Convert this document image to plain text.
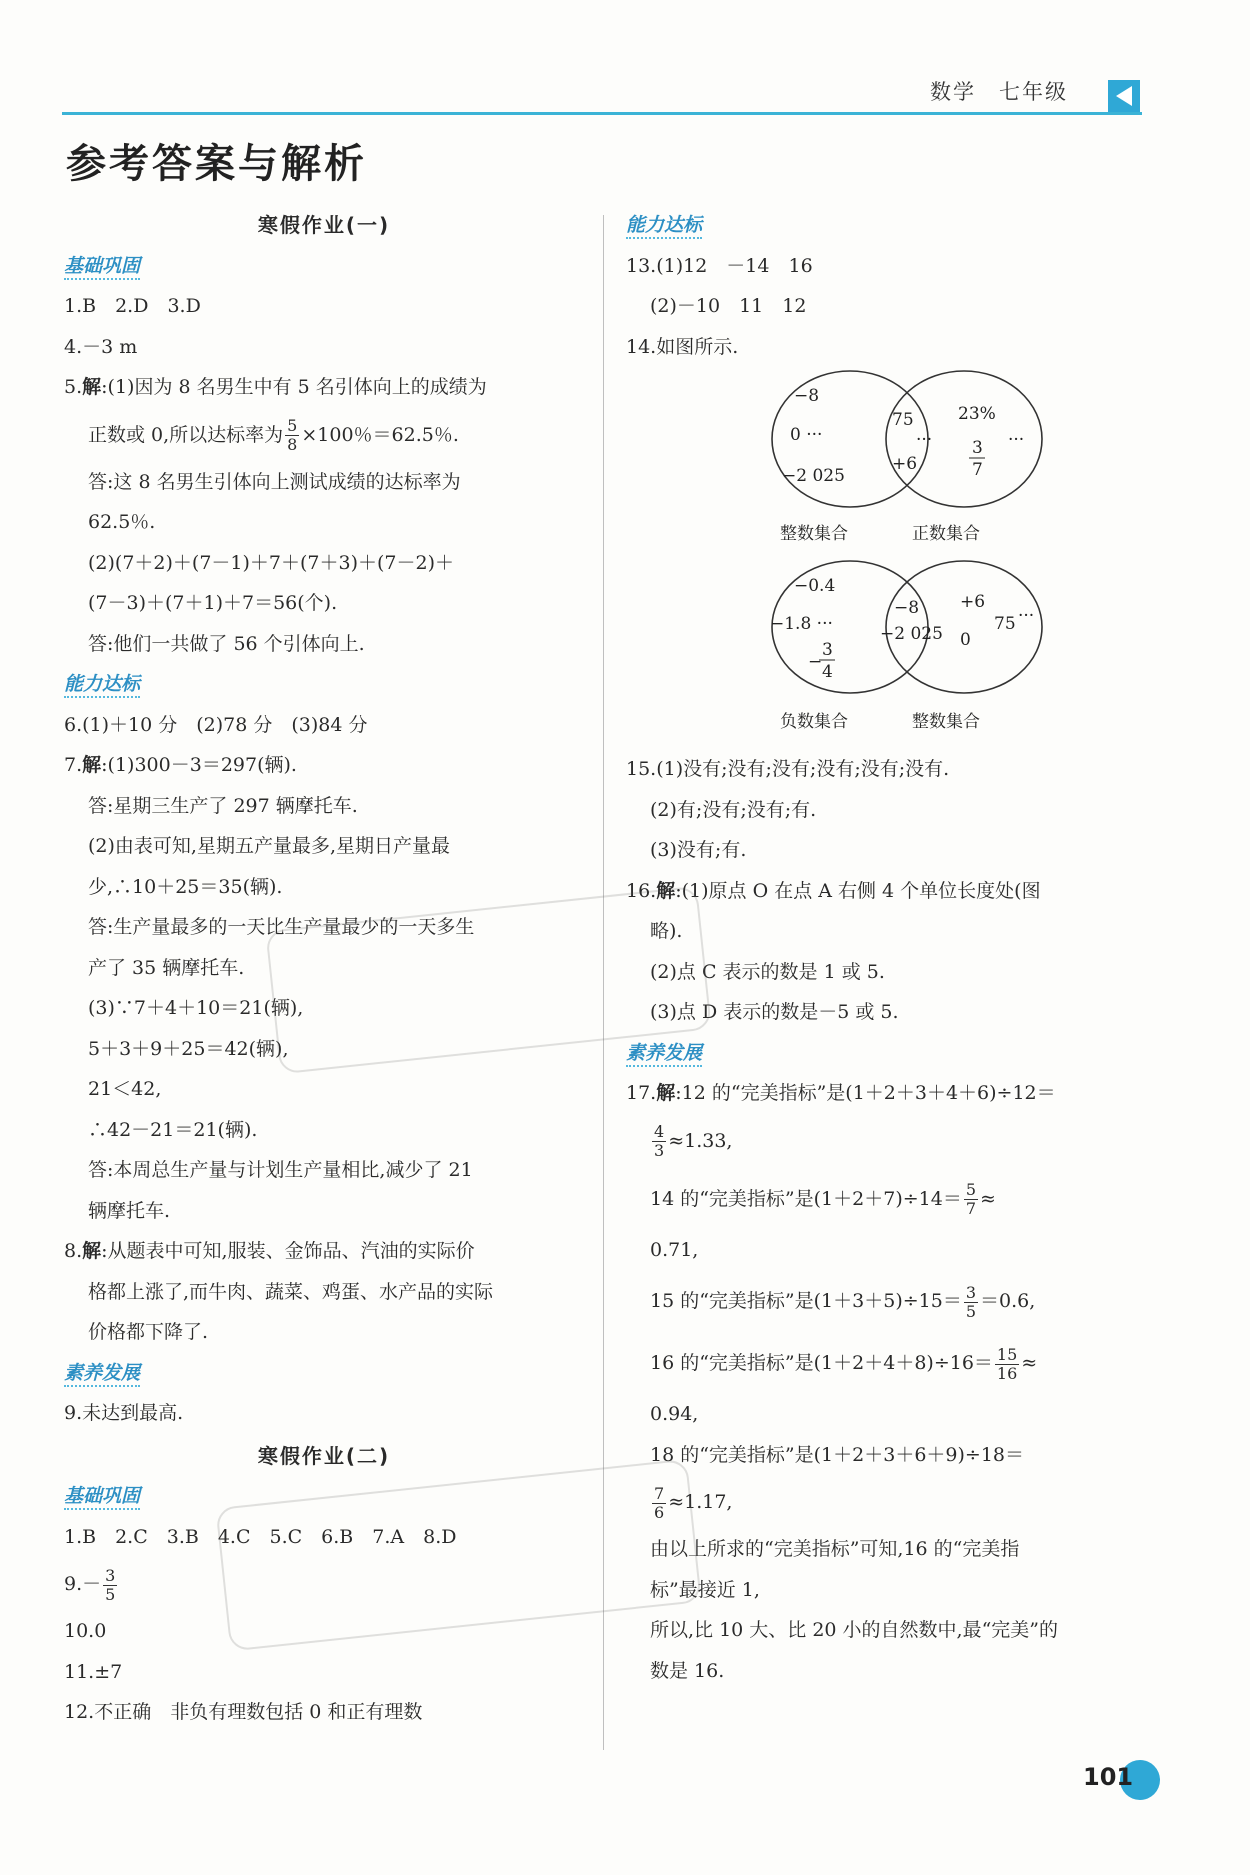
数学　 七年级
参考答案与解析
寒假作业(一)
基础巩固
1.B　2.D　3.D
4.－3 m
5.解:(1)因为 8 名男生中有 5 名引体向上的成绩为
正数或 0,所以达标率为 $\frac{5}{8} \times 100$％＝62.5％.
答:这 8 名男生引体向上测试成绩的达标率为
62.5％.
(2)(7＋2)＋(7－1)＋7＋(7＋3)＋(7－2)＋
(7－3)＋(7＋1)＋7＝56(个).
答:他们一共做了 56 个引体向上.
能力达标
6.(1)＋10 分　(2)78 分　(3)84 分
7.解:(1)300－3＝297(辆).
答:星期三生产了 297 辆摩托车.
(2)由表可知,星期五产量最多,星期日产量最
少,∴10＋25＝35(辆).
答:生产量最多的一天比生产量最少的一天多生
产了 35 辆摩托车.
(3)∵7＋4＋10＝21(辆),
5＋3＋9＋25＝42(辆),
21＜42,
∴42－21＝21(辆).
答:本周总生产量与计划生产量相比,减少了 21
辆摩托车.
8.解:从题表中可知,服装、金饰品、汽油的实际价
格都上涨了,而牛肉、蔬菜、鸡蛋、水产品的实际
价格都下降了.
素养发展
9.未达到最高.
寒假作业(二)
基础巩固
1.B　2.C　3.B　4.C　5.C　6.B　7.A　8.D
$9.- \frac{3}{5}$
10.0
11.±7
12.不正确　非负有理数包括 0 和正有理数
能力达标
13.(1)12　－14　16
(2)－10　11　12
14.如图所示.
−8
0 ···
−2 025
75
···
+6
23%
···
3
7
整数集合	正数集合
−0.4
−1.8 ···
−
3
4
−8
−2 025
+6
0
75 ···
负数集合	整数集合
15.(1)没有;没有;没有;没有;没有;没有.
(2)有;没有;没有;有.
(3)没有;有.
16.解:(1)原点 O 在点 A 右侧 4 个单位长度处(图
略).
(2)点 C 表示的数是 1 或 5.
(3)点 D 表示的数是－5 或 5.
素养发展
17.解:12 的“完美指标”是(1＋2＋3＋4＋6)÷12＝
$\frac{4}{3} \approx 1.33$,
14 的“完美指标”是$(1+2+7)\div 14= \frac{5}{7}$ ≈
0.71,
15 的“完美指标”是$(1+3+5)\div 15= \frac{3}{5} =0.6$,
16 的“完美指标”是$(1+2+4+8)\div 16= \frac{15}{16}$ ≈
0.94,
18 的“完美指标”是(1＋2＋3＋6＋9)÷18＝
$\frac{7}{6} \approx 1.17$,
由以上所求的“完美指标”可知,16 的“完美指
标”最接近 1,
所以,比 10 大、比 20 小的自然数中,最“完美”的
数是 16.
101
